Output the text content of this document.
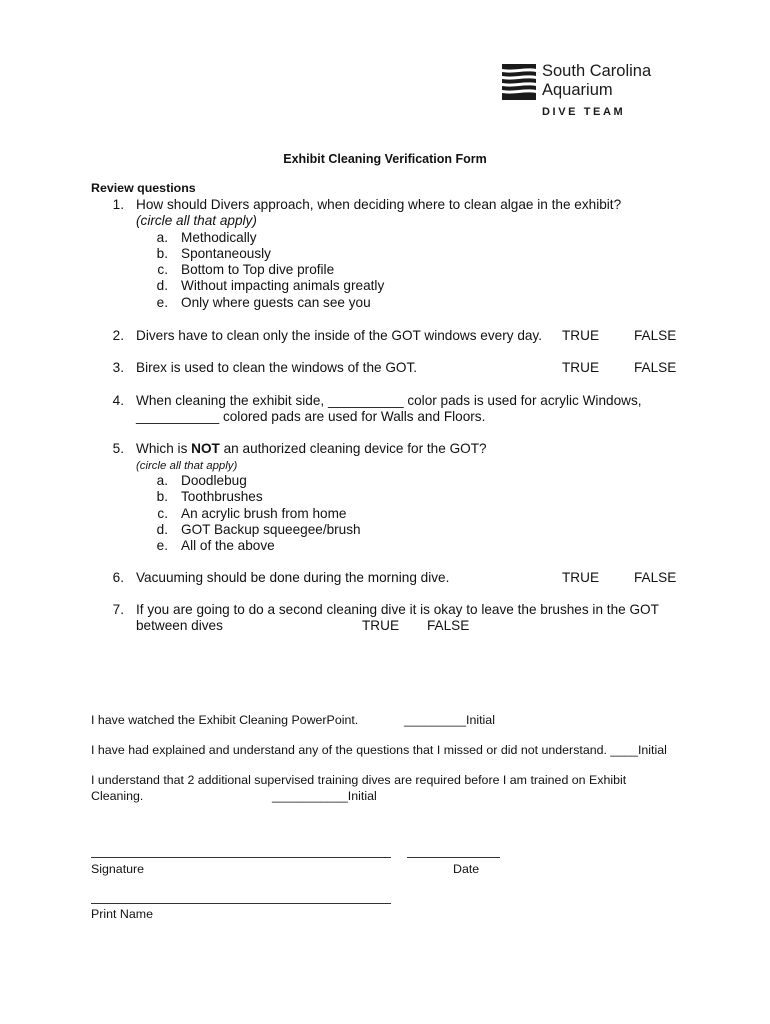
South Carolina
Aquarium
DIVE TEAM
Exhibit Cleaning Verification Form
Review questions
1. How should Divers approach, when deciding where to clean algae in the exhibit?
(circle all that apply)
a. Methodically
b. Spontaneously
c. Bottom to Top dive profile
d. Without impacting animals greatly
e. Only where guests can see you
2. Divers have to clean only the inside of the GOT windows every day. TRUE	FALSE
3. Birex is used to clean the windows of the GOT.	TRUE	FALSE
4. When cleaning the exhibit side, __________ color pads is used for acrylic Windows,
___________ colored pads are used for Walls and Floors.
5. Which is NOT an authorized cleaning device for the GOT?
(circle all that apply)
a. Doodlebug
b. Toothbrushes
c. An acrylic brush from home
d. GOT Backup squeegee/brush
e. All of the above
6. Vacuuming should be done during the morning dive.	TRUE	FALSE
7. If you are going to do a second cleaning dive it is okay to leave the brushes in the GOT
between dives	TRUE FALSE
I have watched the Exhibit Cleaning PowerPoint.	_________Initial
I have had explained and understand any of the questions that I missed or did not understand. ____Initial
I understand that 2 additional supervised training dives are required before I am trained on Exhibit
Cleaning.	___________Initial
Signature	Date
Print Name
